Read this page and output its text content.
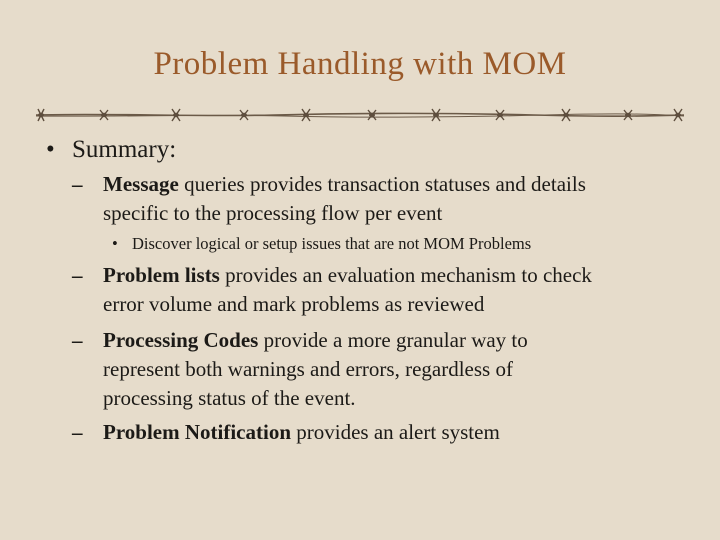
Problem Handling with MOM
• Summary:
– Message queries provides transaction statuses and details
specific to the processing flow per event
• Discover logical or setup issues that are not MOM Problems
– Problem lists provides an evaluation mechanism to check
error volume and mark problems as reviewed
– Processing Codes provide a more granular way to
represent both warnings and errors, regardless of
processing status of the event.
– Problem Notification provides an alert system
